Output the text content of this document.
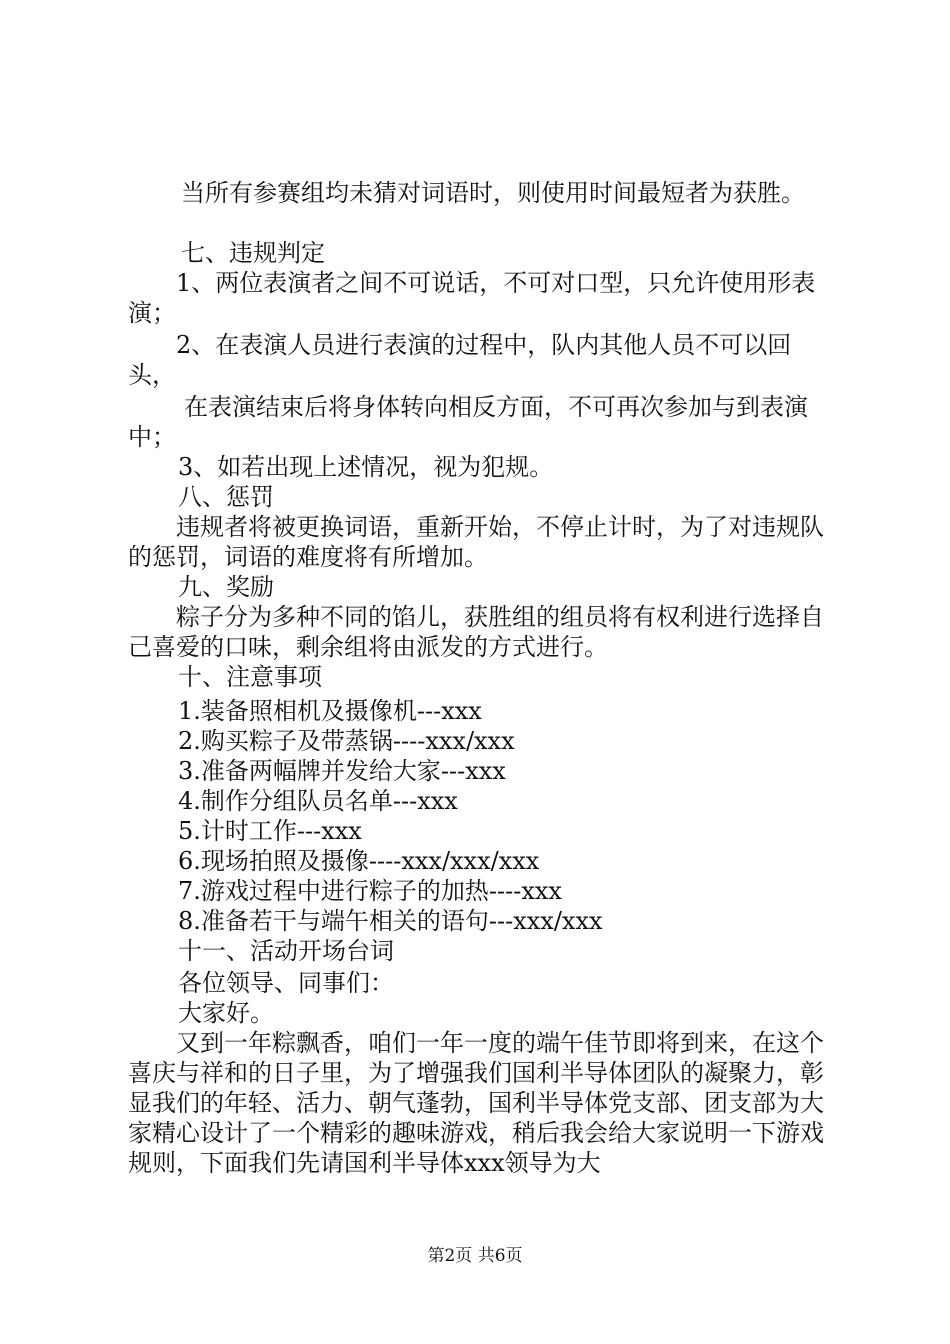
当所有参赛组均未猜对词语时，则使用时间最短者为获胜。
七、违规判定
1、两位表演者之间不可说话，不可对口型，只允许使用形表演；
2、在表演人员进行表演的过程中，队内其他人员不可以回头，
在表演结束后将身体转向相反方面，不可再次参加与到表演中；
3、如若出现上述情况，视为犯规。
八、惩罚
违规者将被更换词语，重新开始，不停止计时，为了对违规队的惩罚，词语的难度将有所增加。
九、奖励
粽子分为多种不同的馅儿，获胜组的组员将有权利进行选择自己喜爱的口味，剩余组将由派发的方式进行。
十、注意事项
1.装备照相机及摄像机---xxx
2.购买粽子及带蒸锅----xxx/xxx
3.准备两幅牌并发给大家---xxx
4.制作分组队员名单---xxx
5.计时工作---xxx
6.现场拍照及摄像----xxx/xxx/xxx
7.游戏过程中进行粽子的加热----xxx
8.准备若干与端午相关的语句---xxx/xxx
十一、活动开场台词
各位领导、同事们：
大家好。
又到一年粽飘香，咱们一年一度的端午佳节即将到来，在这个喜庆与祥和的日子里，为了增强我们国利半导体团队的凝聚力，彰显我们的年轻、活力、朝气蓬勃，国利半导体党支部、团支部为大家精心设计了一个精彩的趣味游戏，稍后我会给大家说明一下游戏规则，下面我们先请国利半导体xxx领导为大
第2页 共6页
